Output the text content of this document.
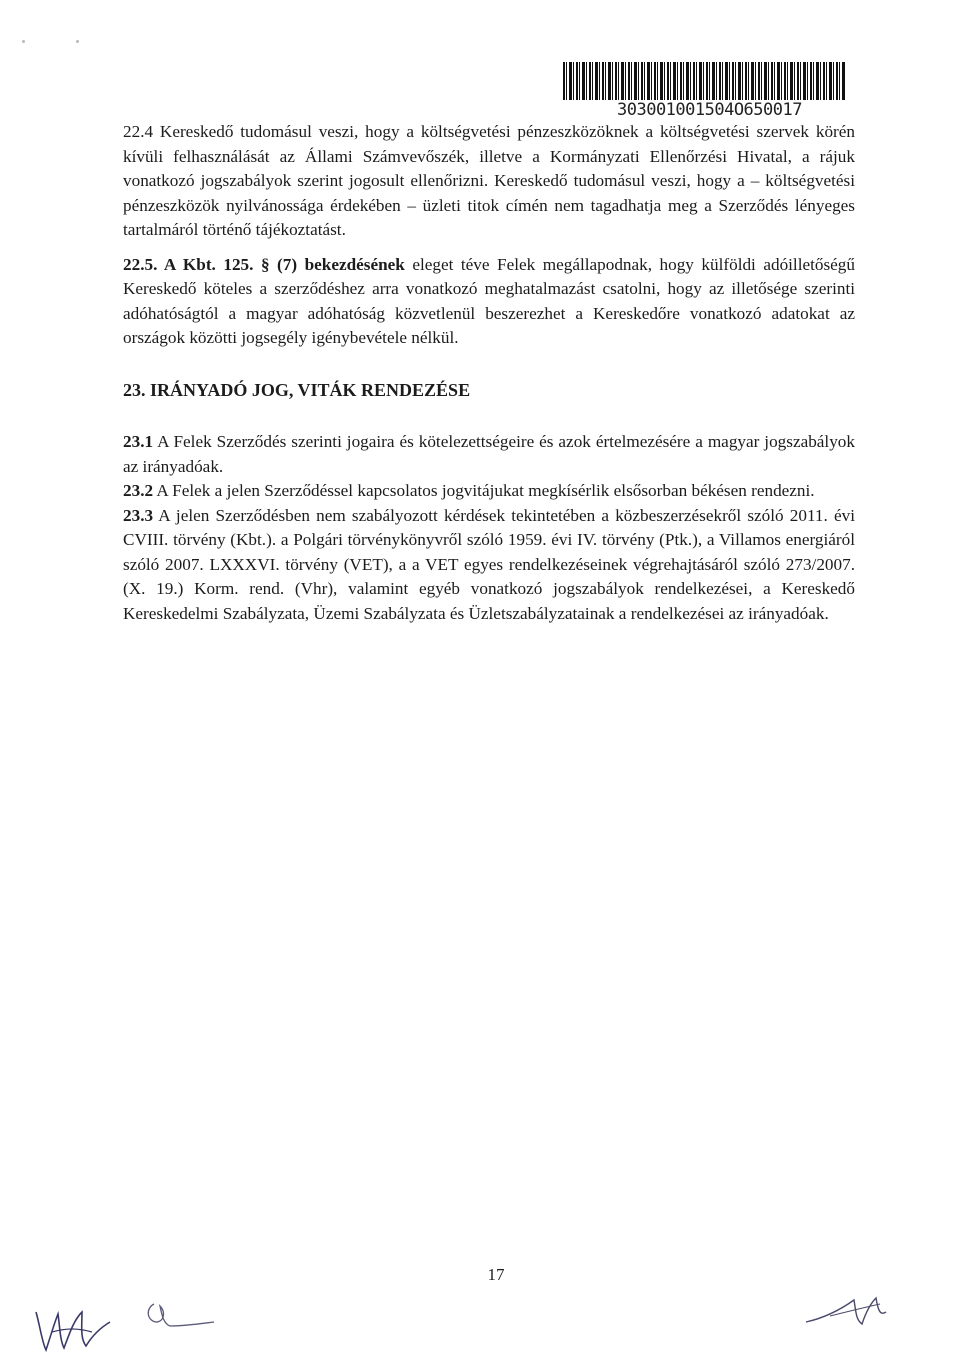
303001001504O650017

22.4 Kereskedő tudomásul veszi, hogy a költségvetési pénzeszközöknek a költségvetési szervek körén kívüli felhasználását az Állami Számvevőszék, illetve a Kormányzati Ellenőrzési Hivatal, a rájuk vonatkozó jogszabályok szerint jogosult ellenőrizni. Kereskedő tudomásul veszi, hogy a – költségvetési pénzeszközök nyilvánossága érdekében – üzleti titok címén nem tagadhatja meg a Szerződés lényeges tartalmáról történő tájékoztatást.

22.5. A Kbt. 125. § (7) bekezdésének eleget téve Felek megállapodnak, hogy külföldi adóilletőségű Kereskedő köteles a szerződéshez arra vonatkozó meghatalmazást csatolni, hogy az illetősége szerinti adóhatóságtól a magyar adóhatóság közvetlenül beszerezhet a Kereskedőre vonatkozó adatokat az országok közötti jogsegély igénybevétele nélkül.

23. IRÁNYADÓ JOG, VITÁK RENDEZÉSE

23.1 A Felek Szerződés szerinti jogaira és kötelezettségeire és azok értelmezésére a magyar jogszabályok az irányadóak.

23.2 A Felek a jelen Szerződéssel kapcsolatos jogvitájukat megkísérlik elsősorban békésen rendezni.

23.3 A jelen Szerződésben nem szabályozott kérdések tekintetében a közbeszerzésekről szóló 2011. évi CVIII. törvény (Kbt.). a Polgári törvénykönyvről szóló 1959. évi IV. törvény (Ptk.), a Villamos energiáról szóló 2007. LXXXVI. törvény (VET), a a VET egyes rendelkezéseinek végrehajtásáról szóló 273/2007. (X. 19.) Korm. rend. (Vhr), valamint egyéb vonatkozó jogszabályok rendelkezései, a Kereskedő Kereskedelmi Szabályzata, Üzemi Szabályzata és Üzletszabályzatainak a rendelkezései az irányadóak.

17
